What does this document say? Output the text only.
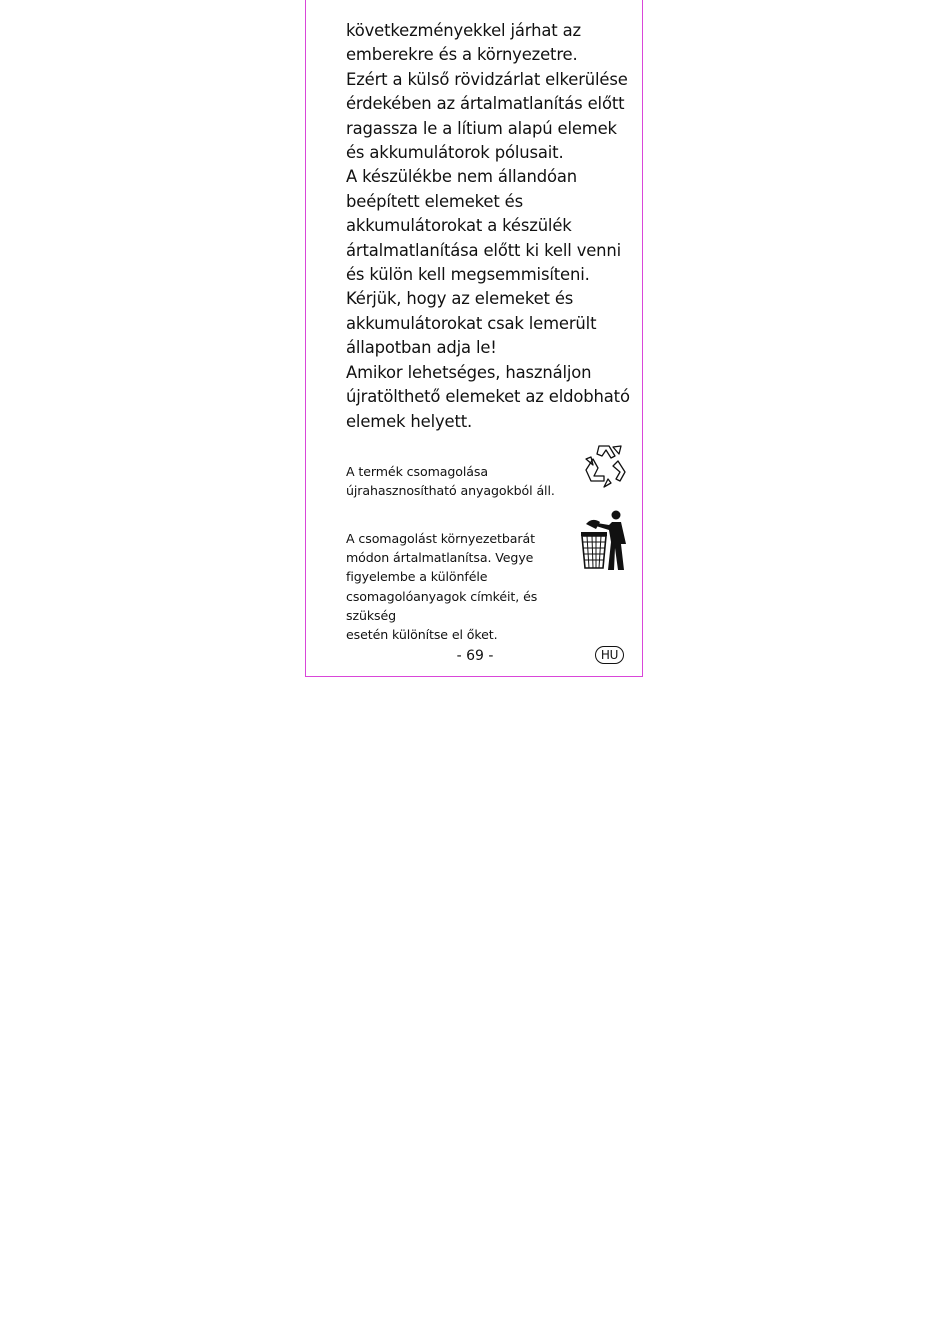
következményekkel járhat az emberekre és a környezetre.

Ezért a külső rövidzárlat elkerülése érdekében az ártalmatlanítás előtt ragassza le a lítium alapú elemek és akkumulátorok pólusait.

A készülékbe nem állandóan beépített elemeket és akkumulátorokat a készülék ártalmatlanítása előtt ki kell venni és külön kell megsemmisíteni.

Kérjük, hogy az elemeket és akkumulátorokat csak lemerült állapotban adja le!

Amikor lehetséges, használjon újratölthető elemeket az eldobható elemek helyett.

A termék csomagolása

újrahasznosítható anyagokból áll.

A csomagolást környezetbarát

módon ártalmatlanítsa. Vegye

figyelembe a különféle

csomagolóanyagok címkéit, és szükség

esetén különítse el őket.

- 69 -	HU
